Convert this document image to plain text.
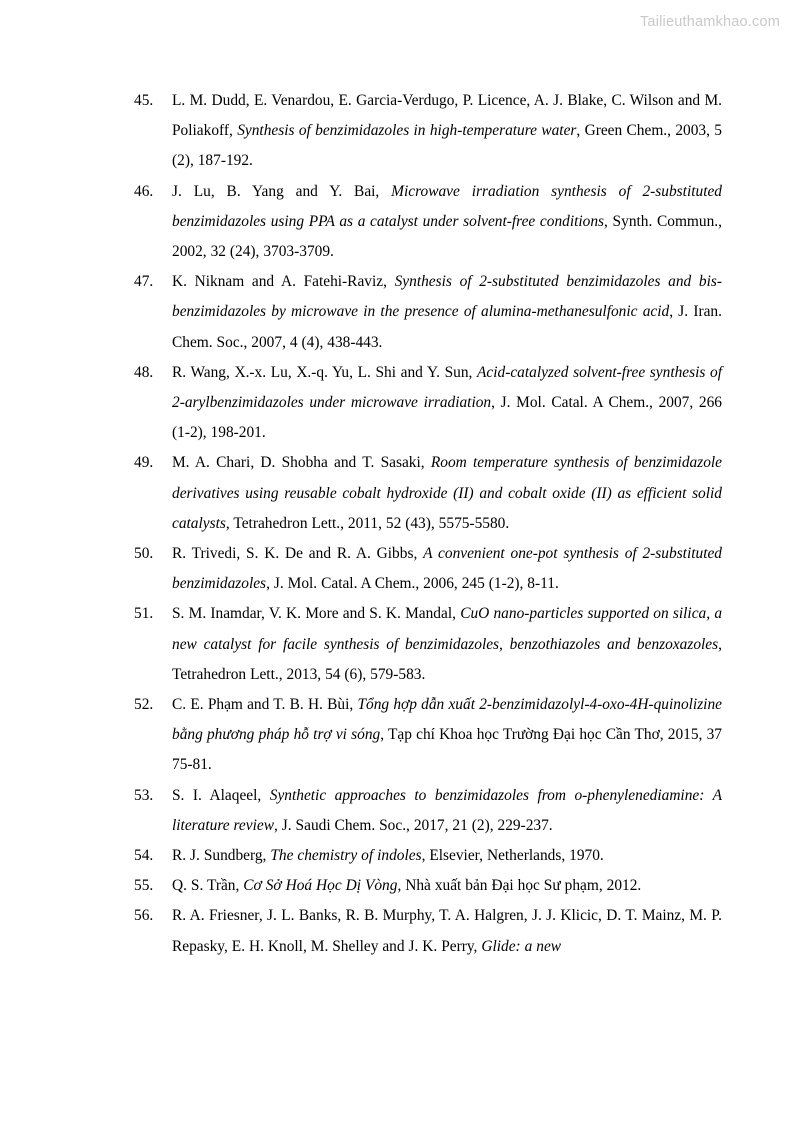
Tailieuthamkhao.com
45.	L. M. Dudd, E. Venardou, E. Garcia-Verdugo, P. Licence, A. J. Blake, C. Wilson and M. Poliakoff, Synthesis of benzimidazoles in high-temperature water, Green Chem., 2003, 5 (2), 187-192.
46.	J. Lu, B. Yang and Y. Bai, Microwave irradiation synthesis of 2-substituted benzimidazoles using PPA as a catalyst under solvent-free conditions, Synth. Commun., 2002, 32 (24), 3703-3709.
47.	K. Niknam and A. Fatehi-Raviz, Synthesis of 2-substituted benzimidazoles and bis-benzimidazoles by microwave in the presence of alumina-methanesulfonic acid, J. Iran. Chem. Soc., 2007, 4 (4), 438-443.
48.	R. Wang, X.-x. Lu, X.-q. Yu, L. Shi and Y. Sun, Acid-catalyzed solvent-free synthesis of 2-arylbenzimidazoles under microwave irradiation, J. Mol. Catal. A Chem., 2007, 266 (1-2), 198-201.
49.	M. A. Chari, D. Shobha and T. Sasaki, Room temperature synthesis of benzimidazole derivatives using reusable cobalt hydroxide (II) and cobalt oxide (II) as efficient solid catalysts, Tetrahedron Lett., 2011, 52 (43), 5575-5580.
50.	R. Trivedi, S. K. De and R. A. Gibbs, A convenient one-pot synthesis of 2-substituted benzimidazoles, J. Mol. Catal. A Chem., 2006, 245 (1-2), 8-11.
51.	S. M. Inamdar, V. K. More and S. K. Mandal, CuO nano-particles supported on silica, a new catalyst for facile synthesis of benzimidazoles, benzothiazoles and benzoxazoles, Tetrahedron Lett., 2013, 54 (6), 579-583.
52.	C. E. Phạm and T. B. H. Bùi, Tổng hợp dẫn xuất 2-benzimidazolyl-4-oxo-4H-quinolizine bằng phương pháp hỗ trợ vi sóng, Tạp chí Khoa học Trường Đại học Cần Thơ, 2015, 37 75-81.
53.	S. I. Alaqeel, Synthetic approaches to benzimidazoles from o-phenylenediamine: A literature review, J. Saudi Chem. Soc., 2017, 21 (2), 229-237.
54.	R. J. Sundberg, The chemistry of indoles, Elsevier, Netherlands, 1970.
55.	Q. S. Trần, Cơ Sở Hoá Học Dị Vòng, Nhà xuất bản Đại học Sư phạm, 2012.
56.	R. A. Friesner, J. L. Banks, R. B. Murphy, T. A. Halgren, J. J. Klicic, D. T. Mainz, M. P. Repasky, E. H. Knoll, M. Shelley and J. K. Perry, Glide: a new
